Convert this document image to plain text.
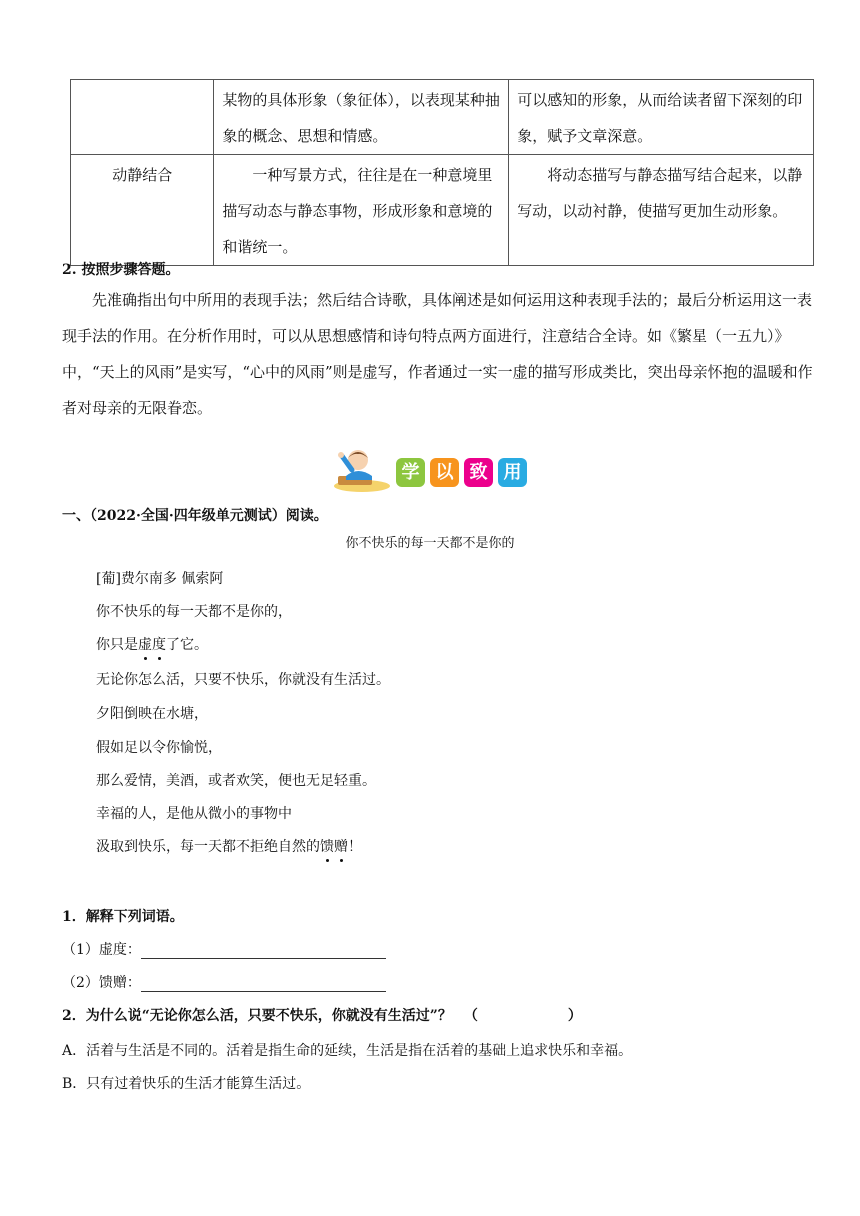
	某物的具体形象（象征体），以表现某种抽象的概念、思想和情感。	可以感知的形象，从而给读者留下深刻的印象，赋予文章深意。
动静结合	一种写景方式，往往是在一种意境里描写动态与静态事物，形成形象和意境的和谐统一。	将动态描写与静态描写结合起来，以静写动，以动衬静，使描写更加生动形象。
2. 按照步骤答题。
先准确指出句中所用的表现手法；然后结合诗歌，具体阐述是如何运用这种表现手法的；最后分析运用这一表现手法的作用。在分析作用时，可以从思想感情和诗句特点两方面进行，注意结合全诗。如《繁星（一五九）》中，“天上的风雨”是实写，“心中的风雨”则是虚写，作者通过一实一虚的描写形成类比，突出母亲怀抱的温暖和作者对母亲的无限眷恋。
学 以 致 用
一、（2022·全国·四年级单元测试）阅读。
你不快乐的每一天都不是你的
[葡]费尔南多 佩索阿
你不快乐的每一天都不是你的，
你只是虚度了它。
无论你怎么活，只要不快乐，你就没有生活过。
夕阳倒映在水塘，
假如足以令你愉悦，
那么爱情，美酒，或者欢笑，便也无足轻重。
幸福的人，是他从微小的事物中
汲取到快乐，每一天都不拒绝自然的馈赠！
1．解释下列词语。
（1）虚度：
（2）馈赠：
2．为什么说“无论你怎么活，只要不快乐，你就没有生活过”？ （	）
A．活着与生活是不同的。活着是指生命的延续，生活是指在活着的基础上追求快乐和幸福。
B．只有过着快乐的生活才能算生活过。
